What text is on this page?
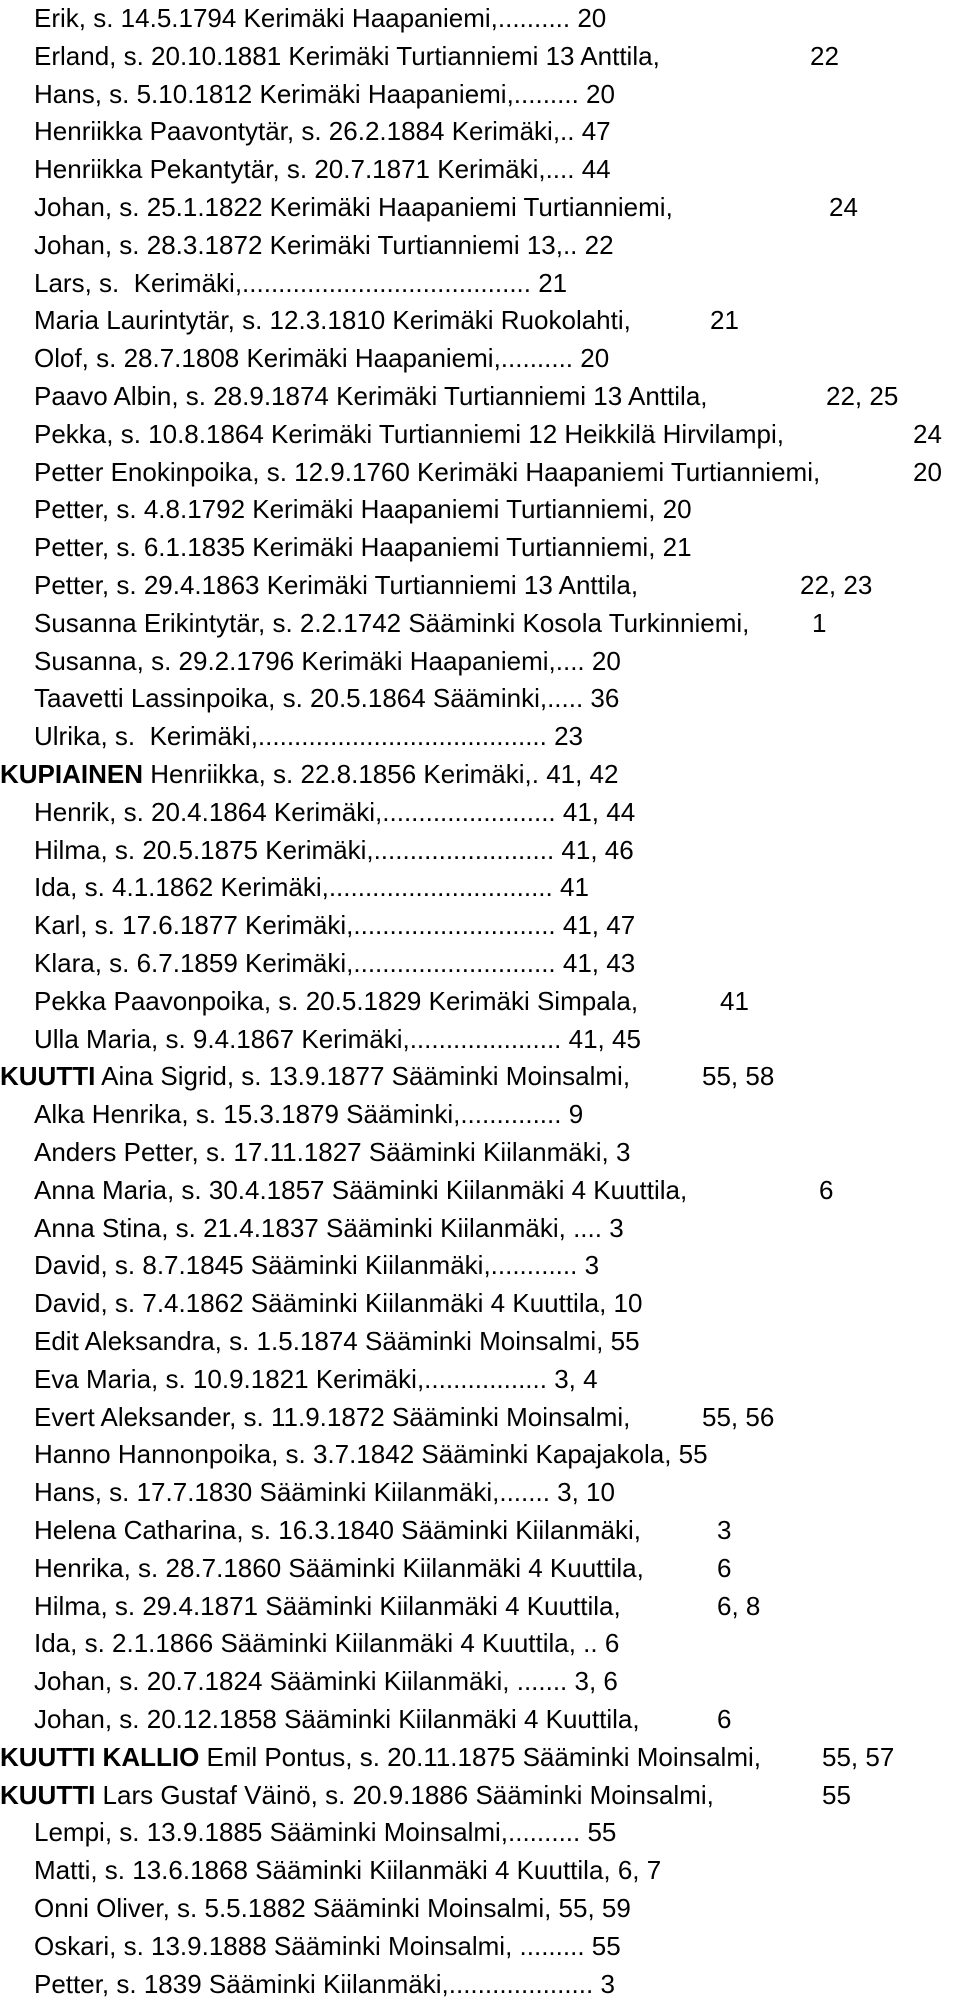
Erik, s. 14.5.1794 Kerimäki Haapaniemi,.......... 20
Erland, s. 20.10.1881 Kerimäki Turtianniemi 13 Anttila,	22
Hans, s. 5.10.1812 Kerimäki Haapaniemi,......... 20
Henriikka Paavontytär, s. 26.2.1884 Kerimäki,.. 47
Henriikka Pekantytär, s. 20.7.1871 Kerimäki,.... 44
Johan, s. 25.1.1822 Kerimäki Haapaniemi Turtianniemi,	24
Johan, s. 28.3.1872 Kerimäki Turtianniemi 13,.. 22
Lars, s.  Kerimäki,........................................ 21
Maria Laurintytär, s. 12.3.1810 Kerimäki Ruokolahti,	21
Olof, s. 28.7.1808 Kerimäki Haapaniemi,.......... 20
Paavo Albin, s. 28.9.1874 Kerimäki Turtianniemi 13 Anttila,	22, 25
Pekka, s. 10.8.1864 Kerimäki Turtianniemi 12 Heikkilä Hirvilampi,	24
Petter Enokinpoika, s. 12.9.1760 Kerimäki Haapaniemi Turtianniemi,	20
Petter, s. 4.8.1792 Kerimäki Haapaniemi Turtianniemi, 20
Petter, s. 6.1.1835 Kerimäki Haapaniemi Turtianniemi, 21
Petter, s. 29.4.1863 Kerimäki Turtianniemi 13 Anttila,	22, 23
Susanna Erikintytär, s. 2.2.1742 Sääminki Kosola Turkinniemi, 1
Susanna, s. 29.2.1796 Kerimäki Haapaniemi,.... 20
Taavetti Lassinpoika, s. 20.5.1864 Sääminki,..... 36
Ulrika, s.  Kerimäki,........................................ 23
KUPIAINEN Henriikka, s. 22.8.1856 Kerimäki,. 41, 42
Henrik, s. 20.4.1864 Kerimäki,........................ 41, 44
Hilma, s. 20.5.1875 Kerimäki,......................... 41, 46
Ida, s. 4.1.1862 Kerimäki,............................... 41
Karl, s. 17.6.1877 Kerimäki,............................ 41, 47
Klara, s. 6.7.1859 Kerimäki,............................ 41, 43
Pekka Paavonpoika, s. 20.5.1829 Kerimäki Simpala,	41
Ulla Maria, s. 9.4.1867 Kerimäki,..................... 41, 45
KUUTTI Aina Sigrid, s. 13.9.1877 Sääminki Moinsalmi,	55, 58
Alka Henrika, s. 15.3.1879 Sääminki,.............. 9
Anders Petter, s. 17.11.1827 Sääminki Kiilanmäki, 3
Anna Maria, s. 30.4.1857 Sääminki Kiilanmäki 4 Kuuttila,	6
Anna Stina, s. 21.4.1837 Sääminki Kiilanmäki, .... 3
David, s. 8.7.1845 Sääminki Kiilanmäki,............ 3
David, s. 7.4.1862 Sääminki Kiilanmäki 4 Kuuttila, 10
Edit Aleksandra, s. 1.5.1874 Sääminki Moinsalmi, 55
Eva Maria, s. 10.9.1821 Kerimäki,................. 3, 4
Evert Aleksander, s. 11.9.1872 Sääminki Moinsalmi,	55, 56
Hanno Hannonpoika, s. 3.7.1842 Sääminki Kapajakola, 55
Hans, s. 17.7.1830 Sääminki Kiilanmäki,....... 3, 10
Helena Catharina, s. 16.3.1840 Sääminki Kiilanmäki,	3
Henrika, s. 28.7.1860 Sääminki Kiilanmäki 4 Kuuttila,	6
Hilma, s. 29.4.1871 Sääminki Kiilanmäki 4 Kuuttila,	6, 8
Ida, s. 2.1.1866 Sääminki Kiilanmäki 4 Kuuttila, .. 6
Johan, s. 20.7.1824 Sääminki Kiilanmäki, ....... 3, 6
Johan, s. 20.12.1858 Sääminki Kiilanmäki 4 Kuuttila,	6
KUUTTI KALLIO Emil Pontus, s. 20.11.1875 Sääminki Moinsalmi, 55, 57
KUUTTI Lars Gustaf Väinö, s. 20.9.1886 Sääminki Moinsalmi,	55
Lempi, s. 13.9.1885 Sääminki Moinsalmi,.......... 55
Matti, s. 13.6.1868 Sääminki Kiilanmäki 4 Kuuttila, 6, 7
Onni Oliver, s. 5.5.1882 Sääminki Moinsalmi, 55, 59
Oskari, s. 13.9.1888 Sääminki Moinsalmi, ......... 55
Petter, s. 1839 Sääminki Kiilanmäki,.................... 3
